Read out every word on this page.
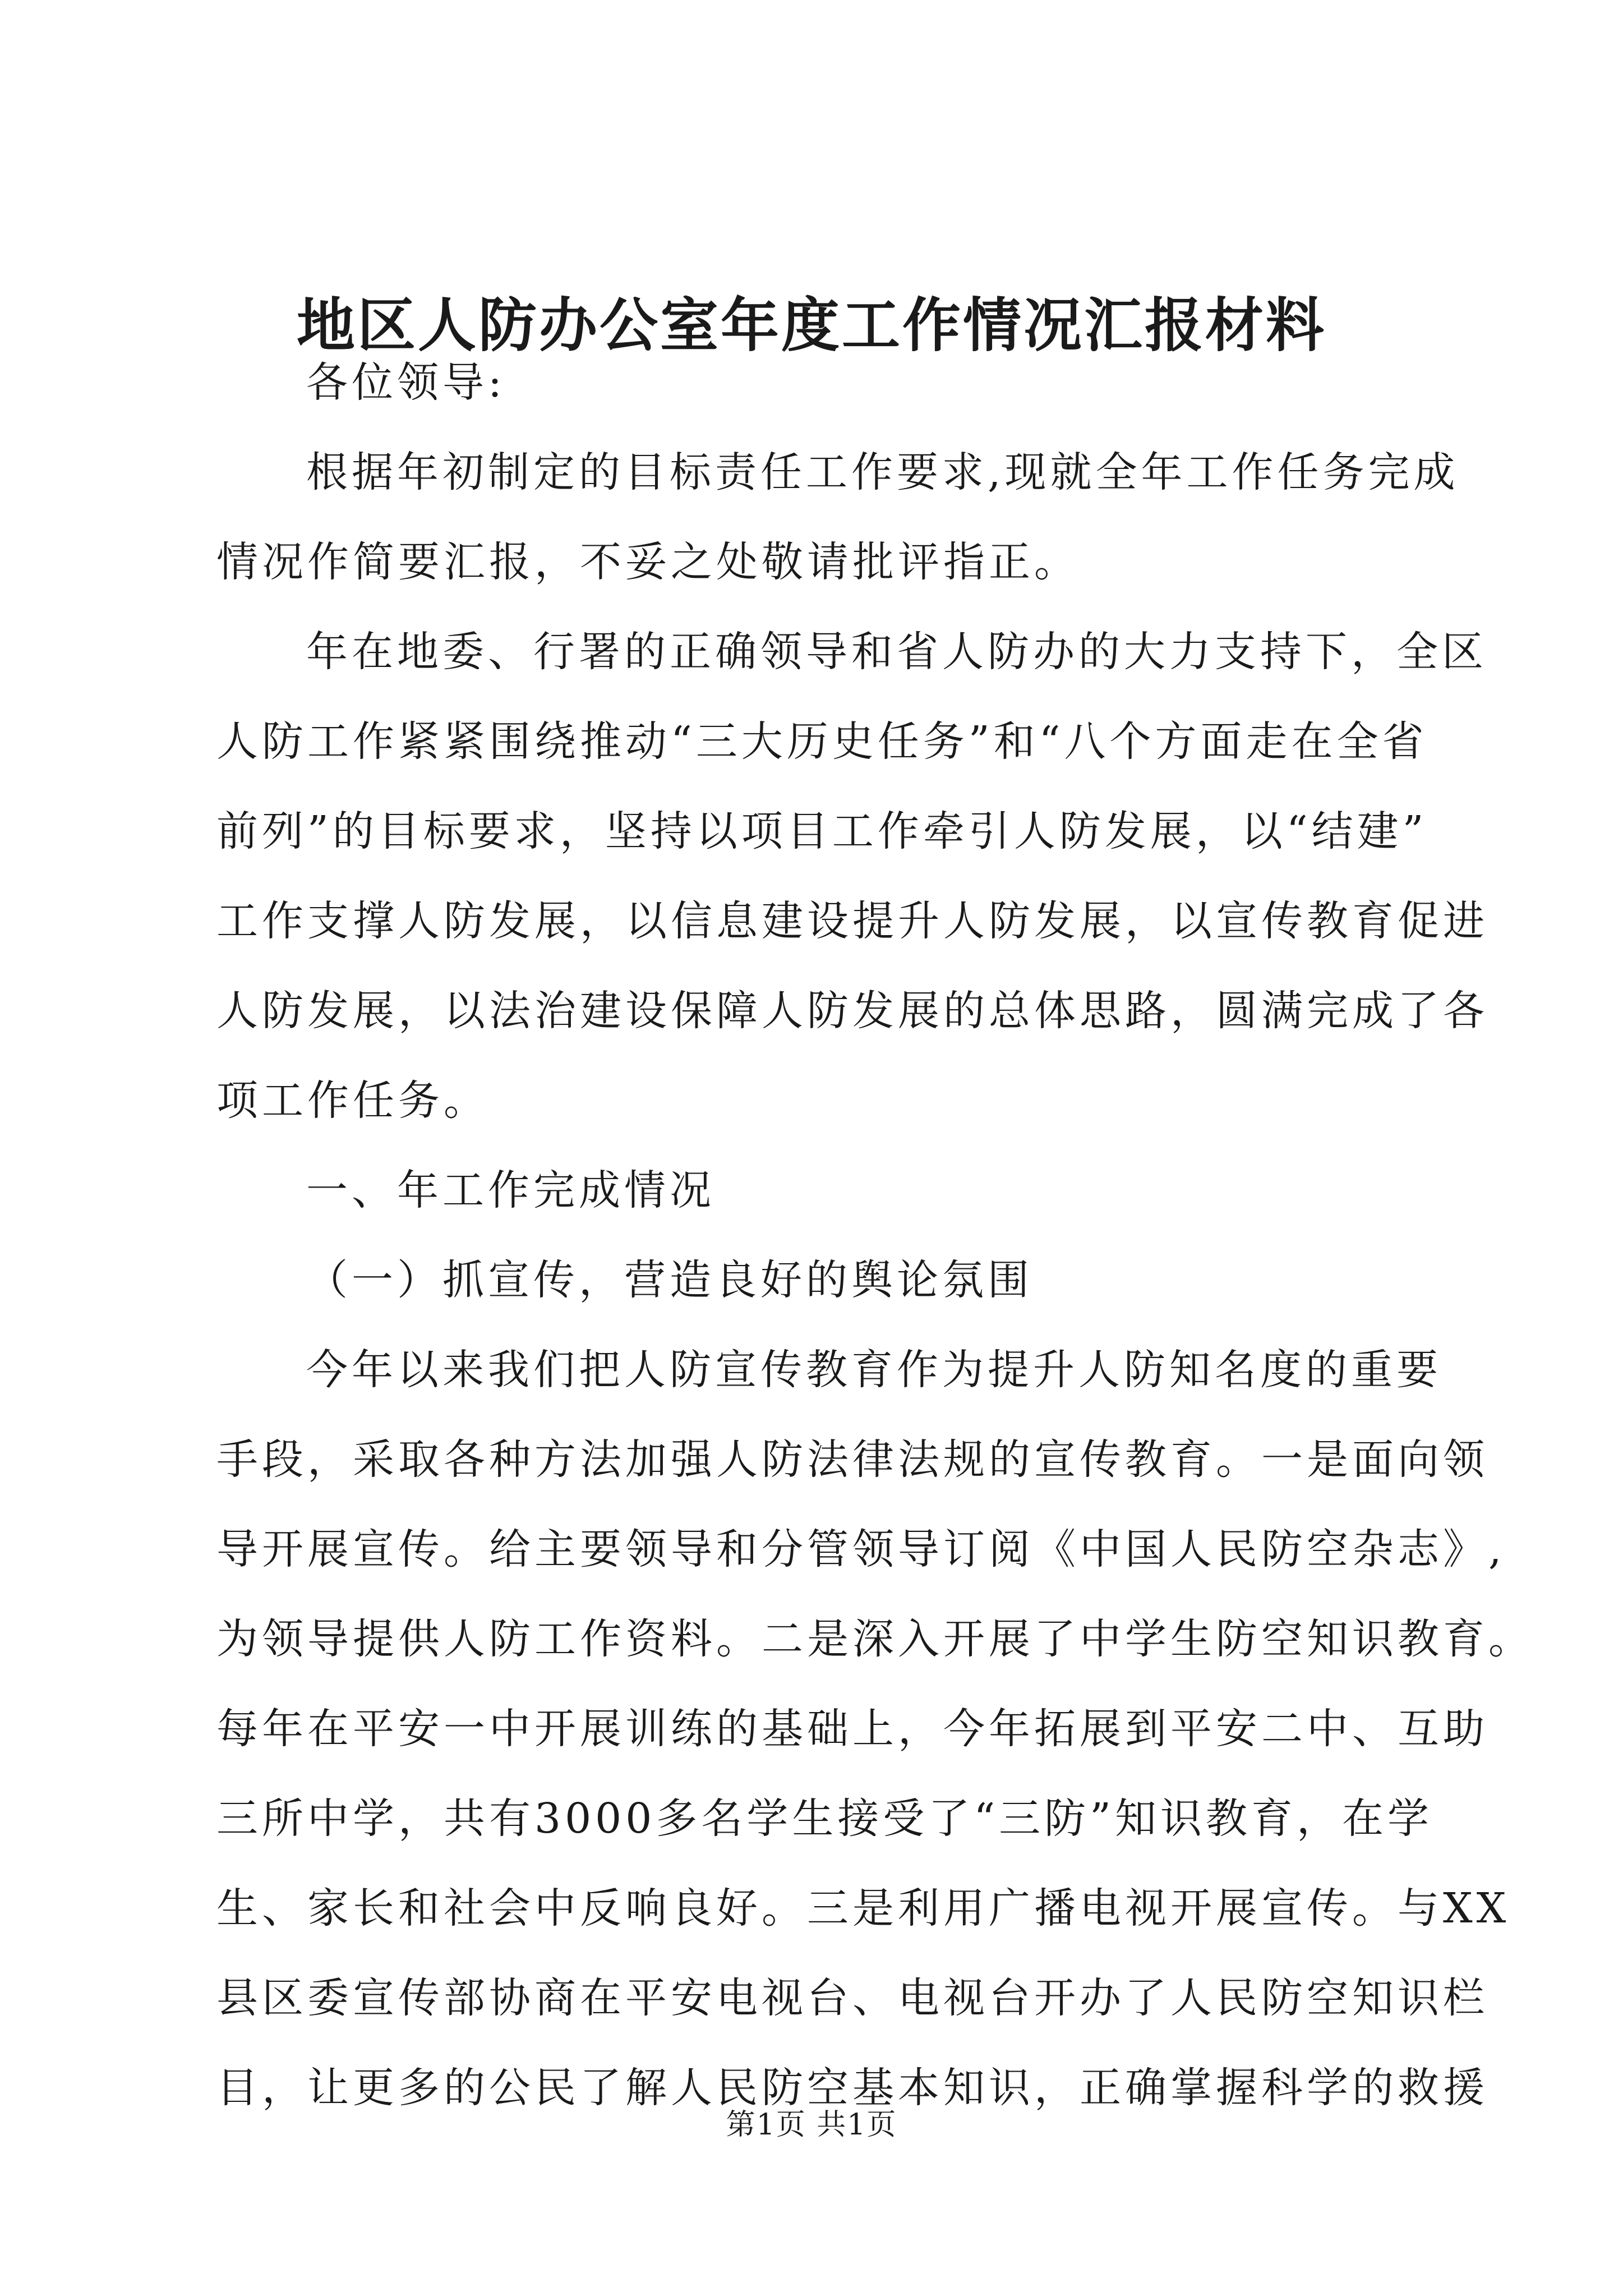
地区人防办公室年度工作情况汇报材料
各位领导:
根据年初制定的目标责任工作要求,现就全年工作任务完成
情况作简要汇报，不妥之处敬请批评指正。
年在地委、行署的正确领导和省人防办的大力支持下，全区
人防工作紧紧围绕推动“三大历史任务”和“八个方面走在全省
前列”的目标要求，坚持以项目工作牵引人防发展，以“结建”
工作支撑人防发展，以信息建设提升人防发展，以宣传教育促进
人防发展，以法治建设保障人防发展的总体思路，圆满完成了各
项工作任务。
一、年工作完成情况
（一）抓宣传，营造良好的舆论氛围
今年以来我们把人防宣传教育作为提升人防知名度的重要
手段，采取各种方法加强人防法律法规的宣传教育。一是面向领
导开展宣传。给主要领导和分管领导订阅《中国人民防空杂志》,
为领导提供人防工作资料。二是深入开展了中学生防空知识教育。
每年在平安一中开展训练的基础上，今年拓展到平安二中、互助
三所中学，共有3000多名学生接受了“三防”知识教育，在学
生、家长和社会中反响良好。三是利用广播电视开展宣传。与XX
县区委宣传部协商在平安电视台、电视台开办了人民防空知识栏
目，让更多的公民了解人民防空基本知识，正确掌握科学的救援
第1页 共1页
